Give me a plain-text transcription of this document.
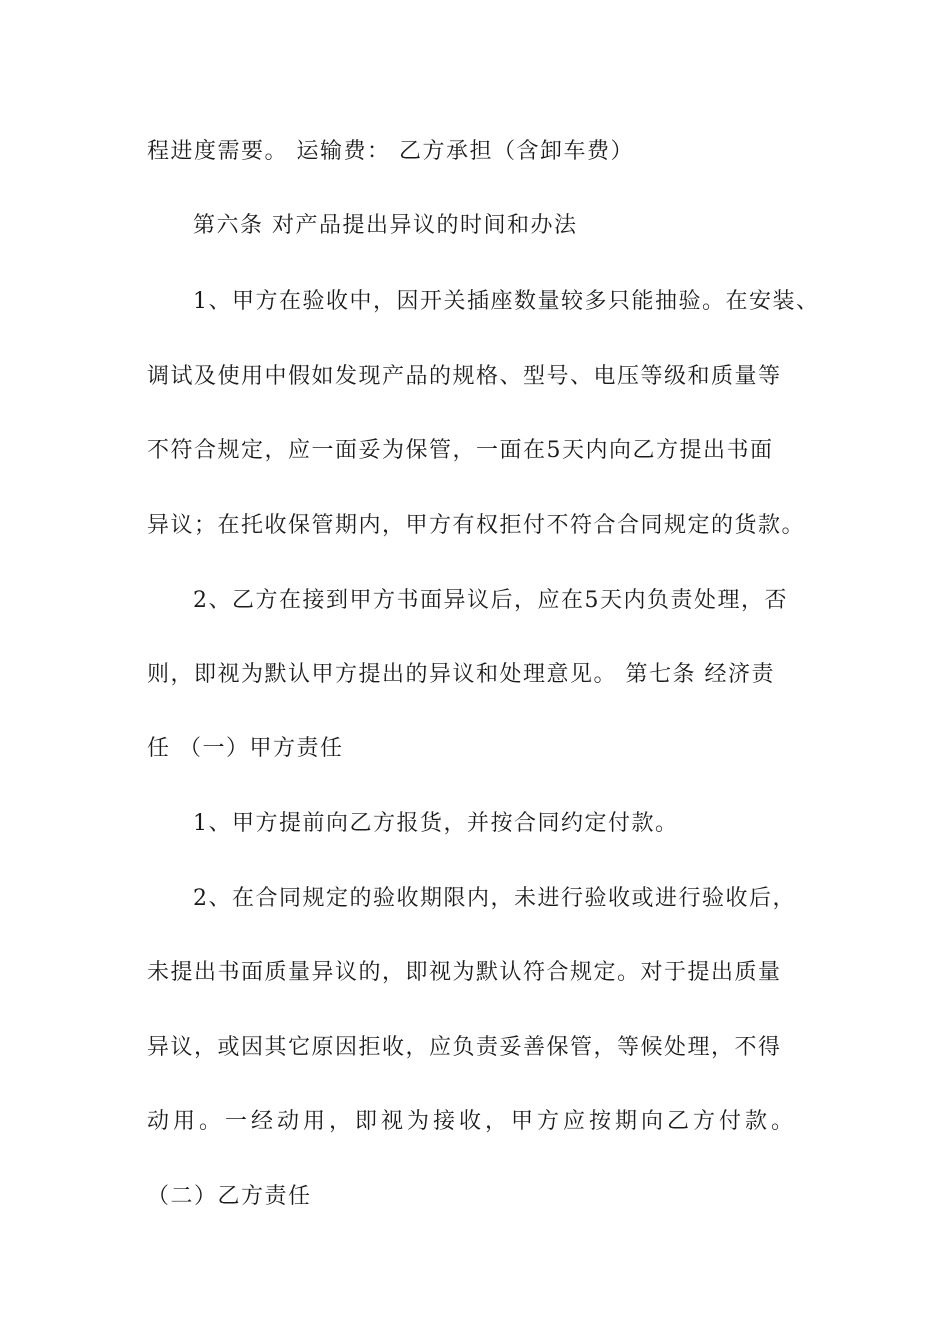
程进度需要。 运输费： 乙方承担（含卸车费）
第六条 对产品提出异议的时间和办法
1、甲方在验收中，因开关插座数量较多只能抽验。在安装、
调试及使用中假如发现产品的规格、型号、电压等级和质量等
不符合规定，应一面妥为保管，一面在5天内向乙方提出书面
异议；在托收保管期内，甲方有权拒付不符合合同规定的货款。
2、乙方在接到甲方书面异议后，应在5天内负责处理，否
则，即视为默认甲方提出的异议和处理意见。 第七条 经济责
任 （一）甲方责任
1、甲方提前向乙方报货，并按合同约定付款。
2、在合同规定的验收期限内，未进行验收或进行验收后，
未提出书面质量异议的，即视为默认符合规定。对于提出质量
异议，或因其它原因拒收，应负责妥善保管，等候处理，不得
动用。一经动用，即视为接收，甲方应按期向乙方付款。
（二）乙方责任
